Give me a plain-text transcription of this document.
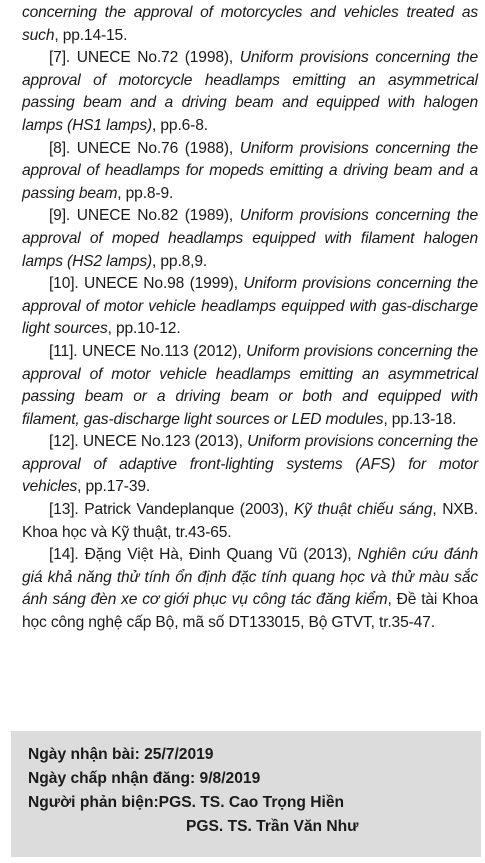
concerning the approval of motorcycles and vehicles treated as such, pp.14-15.

[7]. UNECE No.72 (1998), Uniform provisions concerning the approval of motorcycle headlamps emitting an asymmetrical passing beam and a driving beam and equipped with halogen lamps (HS1 lamps), pp.6-8.

[8]. UNECE No.76 (1988), Uniform provisions concerning the approval of headlamps for mopeds emitting a driving beam and a passing beam, pp.8-9.

[9]. UNECE No.82 (1989), Uniform provisions concerning the approval of moped headlamps equipped with filament halogen lamps (HS2 lamps), pp.8,9.

[10]. UNECE No.98 (1999), Uniform provisions concerning the approval of motor vehicle headlamps equipped with gas-discharge light sources, pp.10-12.

[11]. UNECE No.113 (2012), Uniform provisions concerning the approval of motor vehicle headlamps emitting an asymmetrical passing beam or a driving beam or both and equipped with filament, gas-discharge light sources or LED modules, pp.13-18.

[12]. UNECE No.123 (2013), Uniform provisions concerning the approval of adaptive front-lighting systems (AFS) for motor vehicles, pp.17-39.

[13]. Patrick Vandeplanque (2003), Kỹ thuật chiếu sáng, NXB. Khoa học và Kỹ thuật, tr.43-65.

[14]. Đặng Việt Hà, Đinh Quang Vũ (2013), Nghiên cứu đánh giá khả năng thử tính ổn định đặc tính quang học và thử màu sắc ánh sáng đèn xe cơ giới phục vụ công tác đăng kiểm, Đề tài Khoa học công nghệ cấp Bộ, mã số DT133015, Bộ GTVT, tr.35-47.

Ngày nhận bài: 25/7/2019
Ngày chấp nhận đăng: 9/8/2019
Người phản biện:PGS. TS. Cao Trọng Hiền
PGS. TS. Trần Văn Như
